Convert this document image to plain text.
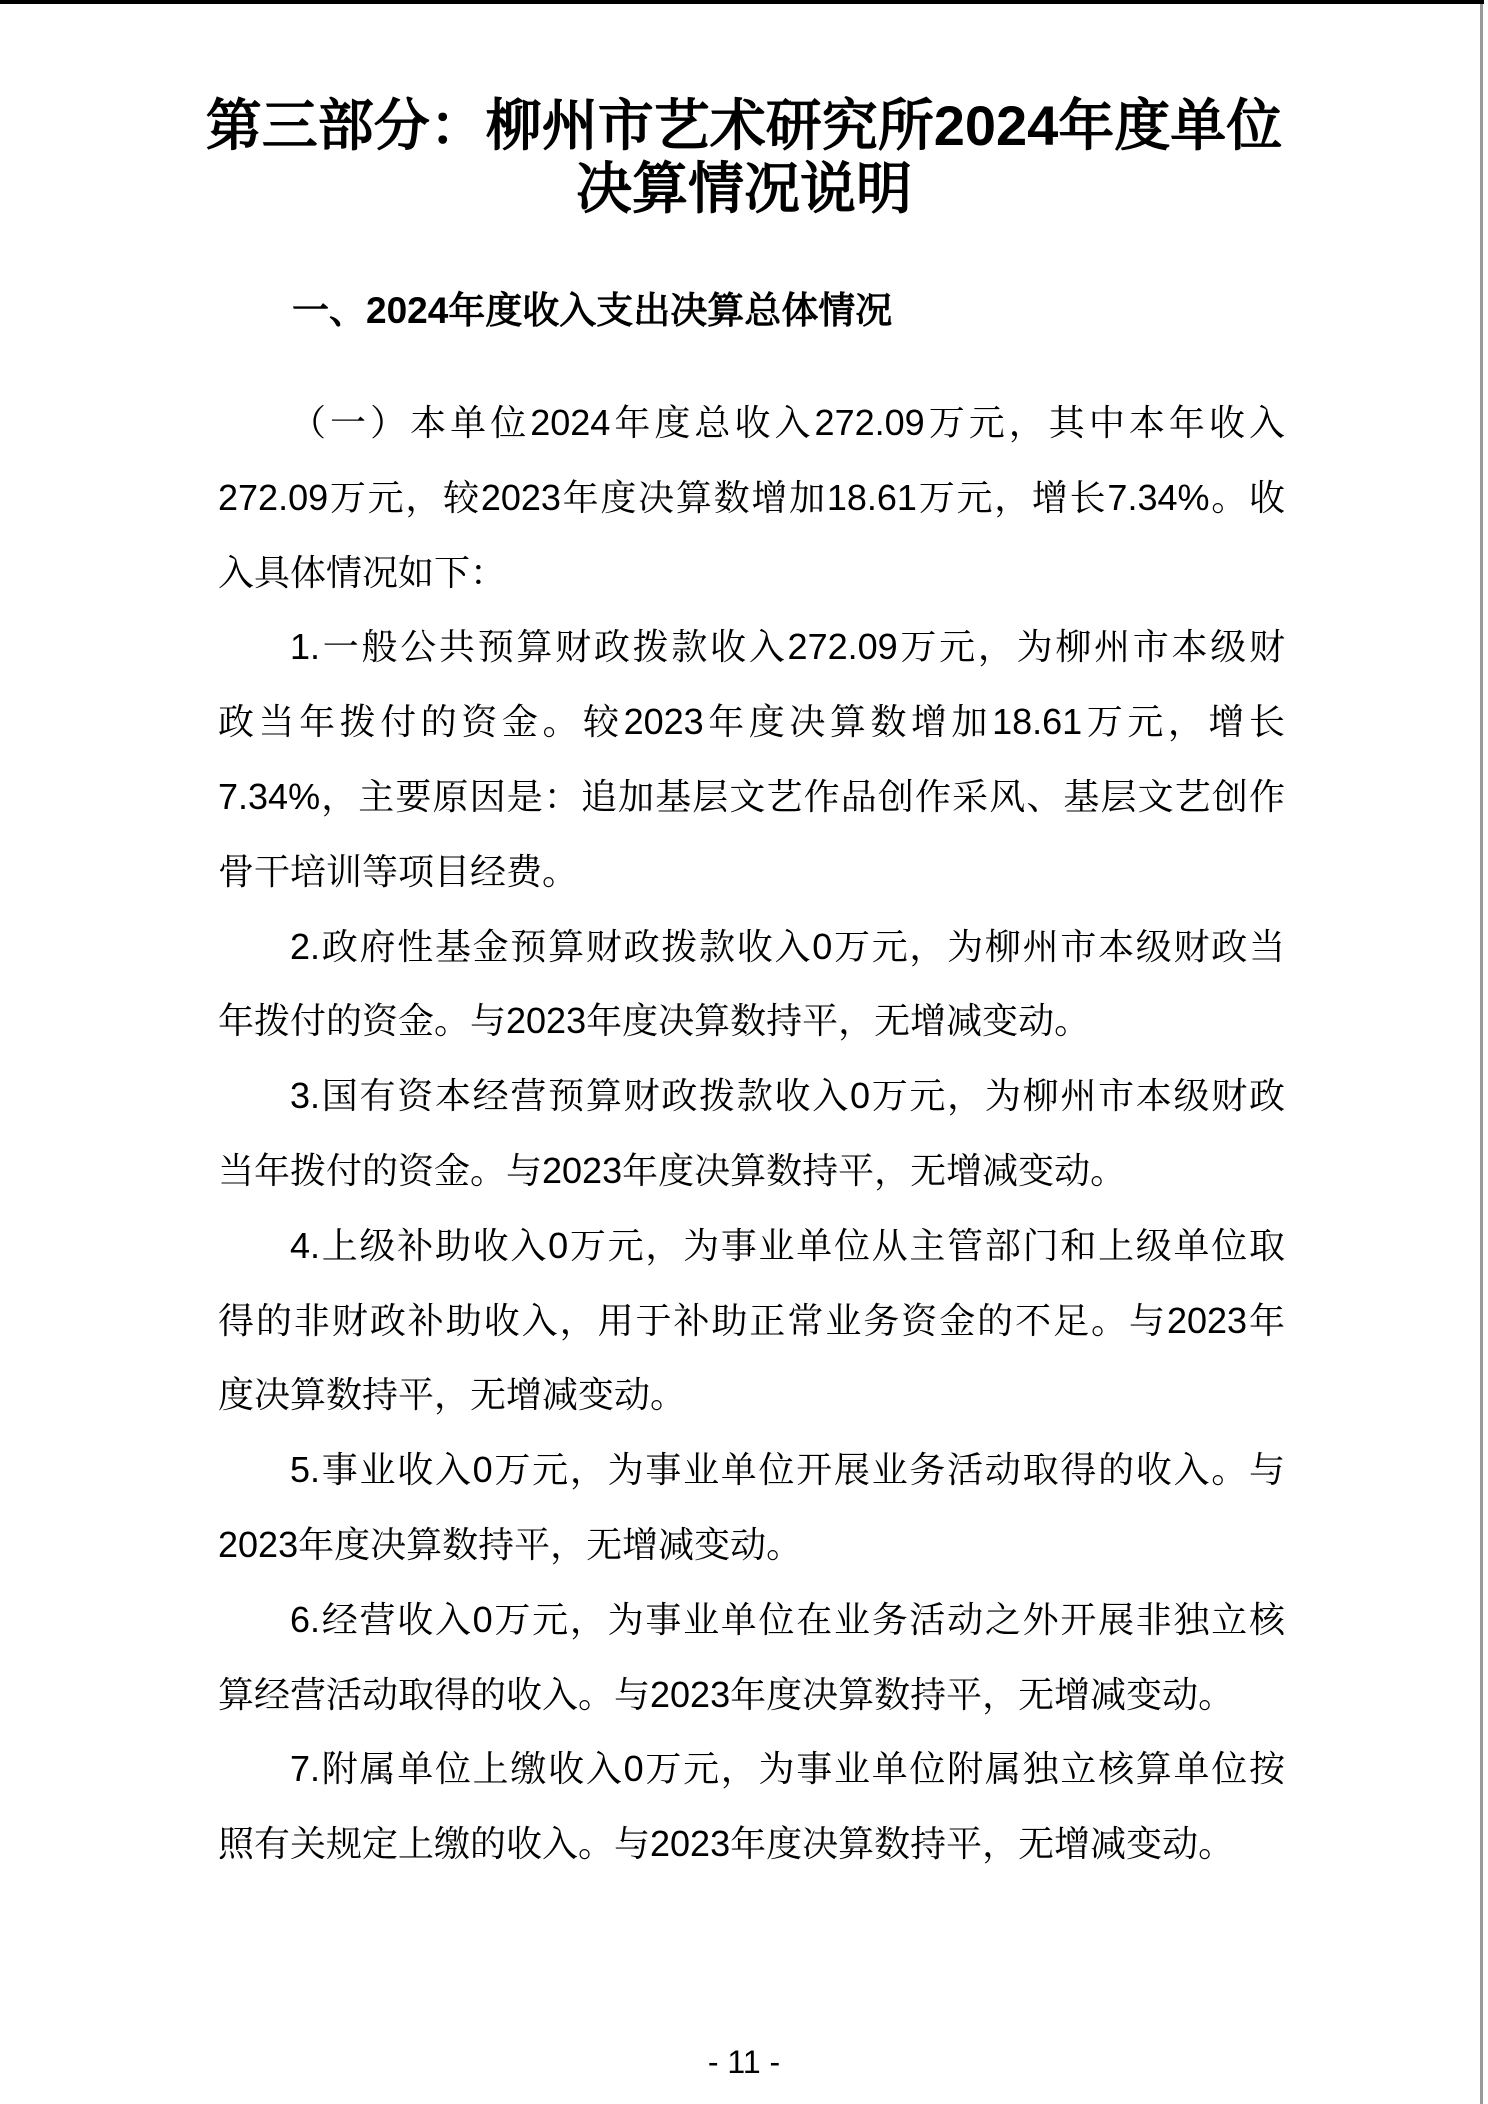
第三部分：柳州市艺术研究所2024年度单位
决算情况说明
一、2024年度收入支出决算总体情况
（一）本单位2024年度总收入272.09万元，其中本年收入
272.09万元，较2023年度决算数增加18.61万元，增长7.34%。收
入具体情况如下：
1.一般公共预算财政拨款收入272.09万元，为柳州市本级财
政当年拨付的资金。较2023年度决算数增加18.61万元，增长
7.34%，主要原因是：追加基层文艺作品创作采风、基层文艺创作
骨干培训等项目经费。
2.政府性基金预算财政拨款收入0万元，为柳州市本级财政当
年拨付的资金。与2023年度决算数持平，无增减变动。
3.国有资本经营预算财政拨款收入0万元，为柳州市本级财政
当年拨付的资金。与2023年度决算数持平，无增减变动。
4.上级补助收入0万元，为事业单位从主管部门和上级单位取
得的非财政补助收入，用于补助正常业务资金的不足。与2023年
度决算数持平，无增减变动。
5.事业收入0万元，为事业单位开展业务活动取得的收入。与
2023年度决算数持平，无增减变动。
6.经营收入0万元，为事业单位在业务活动之外开展非独立核
算经营活动取得的收入。与2023年度决算数持平，无增减变动。
7.附属单位上缴收入0万元，为事业单位附属独立核算单位按
照有关规定上缴的收入。与2023年度决算数持平，无增减变动。
- 11 -
